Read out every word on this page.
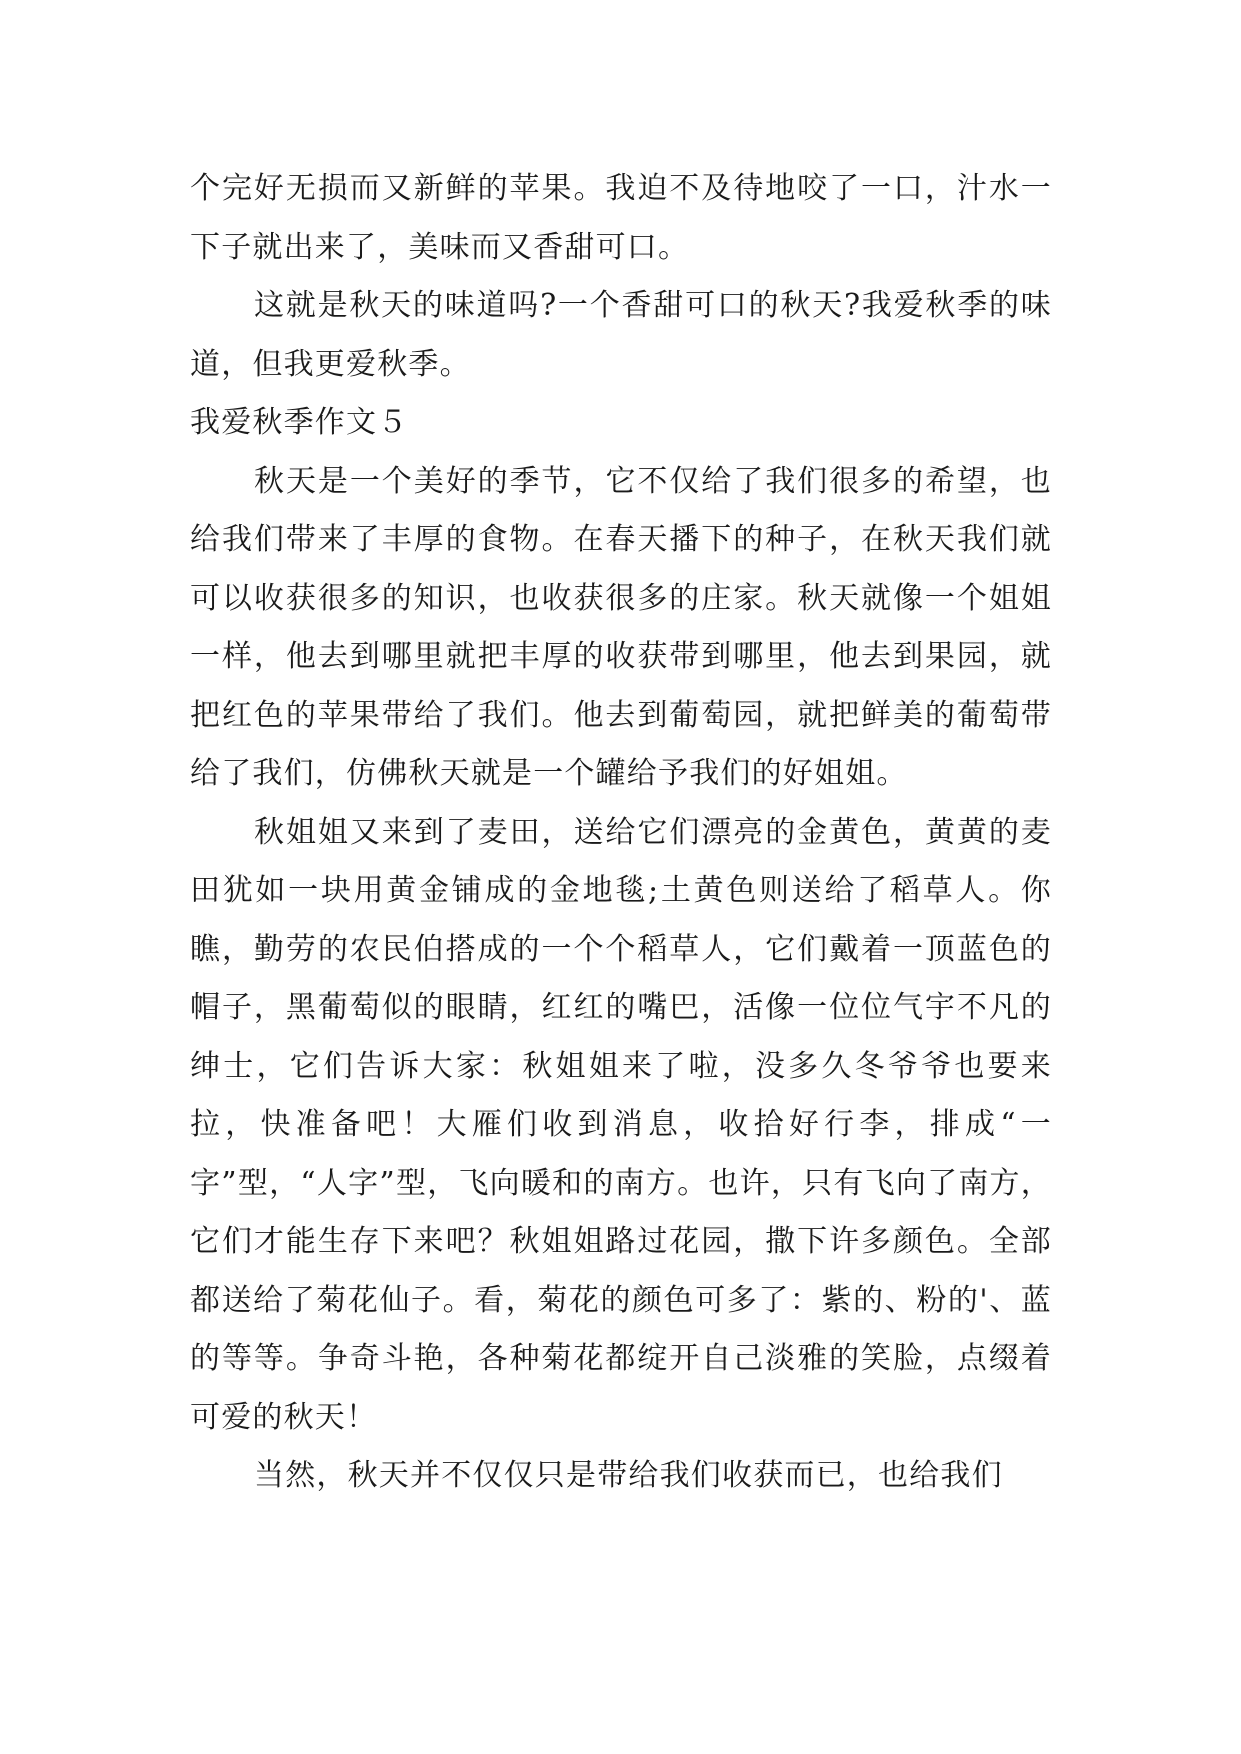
个完好无损而又新鲜的苹果。我迫不及待地咬了一口，汁水一下子就出来了，美味而又香甜可口。

这就是秋天的味道吗?一个香甜可口的秋天?我爱秋季的味道，但我更爱秋季。

我爱秋季作文５

秋天是一个美好的季节，它不仅给了我们很多的希望，也给我们带来了丰厚的食物。在春天播下的种子，在秋天我们就可以收获很多的知识，也收获很多的庄家。秋天就像一个姐姐一样，他去到哪里就把丰厚的收获带到哪里，他去到果园，就把红色的苹果带给了我们。他去到葡萄园，就把鲜美的葡萄带给了我们，仿佛秋天就是一个罐给予我们的好姐姐。

秋姐姐又来到了麦田，送给它们漂亮的金黄色，黄黄的麦田犹如一块用黄金铺成的金地毯;土黄色则送给了稻草人。你瞧，勤劳的农民伯搭成的一个个稻草人，它们戴着一顶蓝色的帽子，黑葡萄似的眼睛，红红的嘴巴，活像一位位气宇不凡的绅士，它们告诉大家：秋姐姐来了啦，没多久冬爷爷也要来拉，快准备吧！大雁们收到消息，收拾好行李，排成“一字”型，“人字”型，飞向暖和的南方。也许，只有飞向了南方，它们才能生存下来吧？秋姐姐路过花园，撒下许多颜色。全部都送给了菊花仙子。看，菊花的颜色可多了：紫的、粉的'、蓝的等等。争奇斗艳，各种菊花都绽开自己淡雅的笑脸，点缀着可爱的秋天！

当然，秋天并不仅仅只是带给我们收获而已，也给我们
